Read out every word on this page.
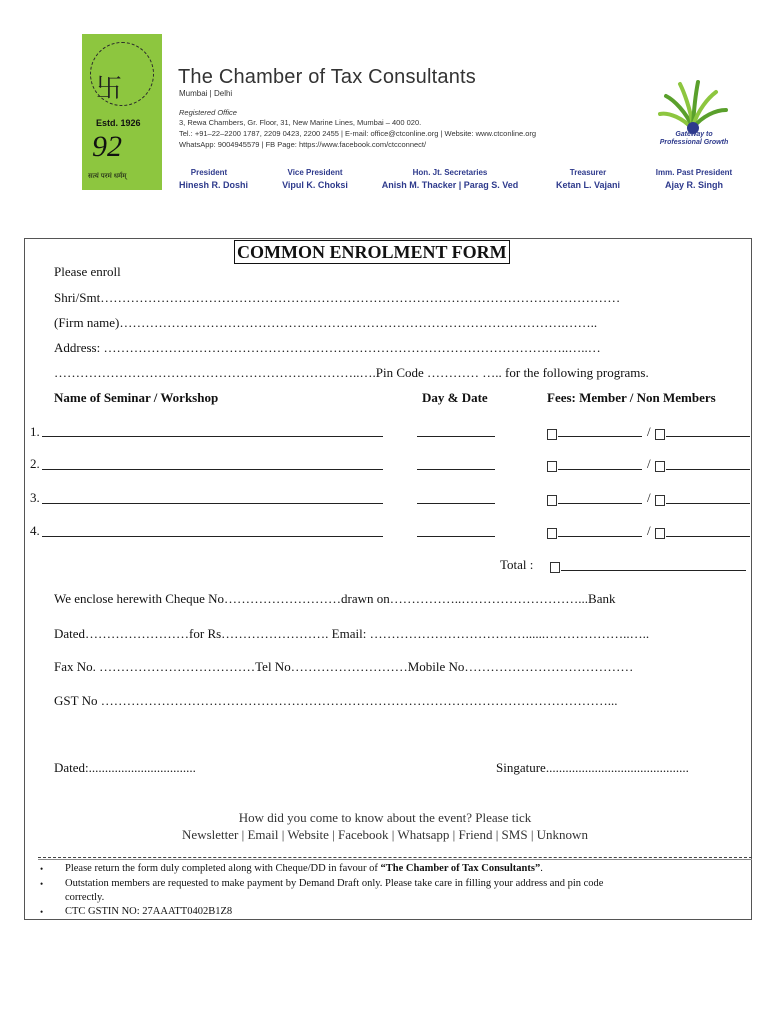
卐
Estd. 1926
92
सत्यं परमं धर्मम्
The Chamber of Tax Consultants
Mumbai | Delhi
Registered Office
3, Rewa Chambers, Gr. Floor, 31, New Marine Lines, Mumbai – 400 020.
Tel.: +91–22–2200 1787, 2209 0423, 2200 2455 | E-mail: office@ctconline.org | Website: www.ctconline.org
WhatsApp: 9004945579 | FB Page: https://www.facebook.com/ctcconnect/
President
Hinesh R. Doshi
Vice President
Vipul K. Choksi
Hon. Jt. Secretaries
Anish M. Thacker | Parag S. Ved
Treasurer
Ketan L. Vajani
Imm. Past President
Ajay R. Singh
Gateway to
Professional Growth
COMMON ENROLMENT FORM
Please enroll
Shri/Smt…………………………………………………………………………………………………………
(Firm name)………………………………………………………………………………………….……..
Address: ………………………………………………………………………………………….…..…..…
……………………………………………………………..….Pin Code ………… ….. for the following programs.
Name of Seminar / Workshop	Day & Date	Fees: Member / Non Members
1.	/
2.	/
3.	/
4.	/
Total :
We enclose herewith Cheque No………………………drawn on……………..………………………...Bank
Dated……………………for Rs……………………. Email: ………………………………......………………..…..
Fax No. ………………………………Tel No………………………Mobile No…………………………………
GST No ………………………………………………………………………………………………………...
Dated:.................................	Singature............................................
How did you come to know about the event? Please tick
Newsletter | Email | Website | Facebook | Whatsapp | Friend | SMS | Unknown
• Please return the form duly completed along with Cheque/DD in favour of “The Chamber of Tax Consultants”.
• Outstation members are requested to make payment by Demand Draft only. Please take care in filling your address and pin code
correctly.
• CTC GSTIN NO: 27AAATT0402B1Z8
